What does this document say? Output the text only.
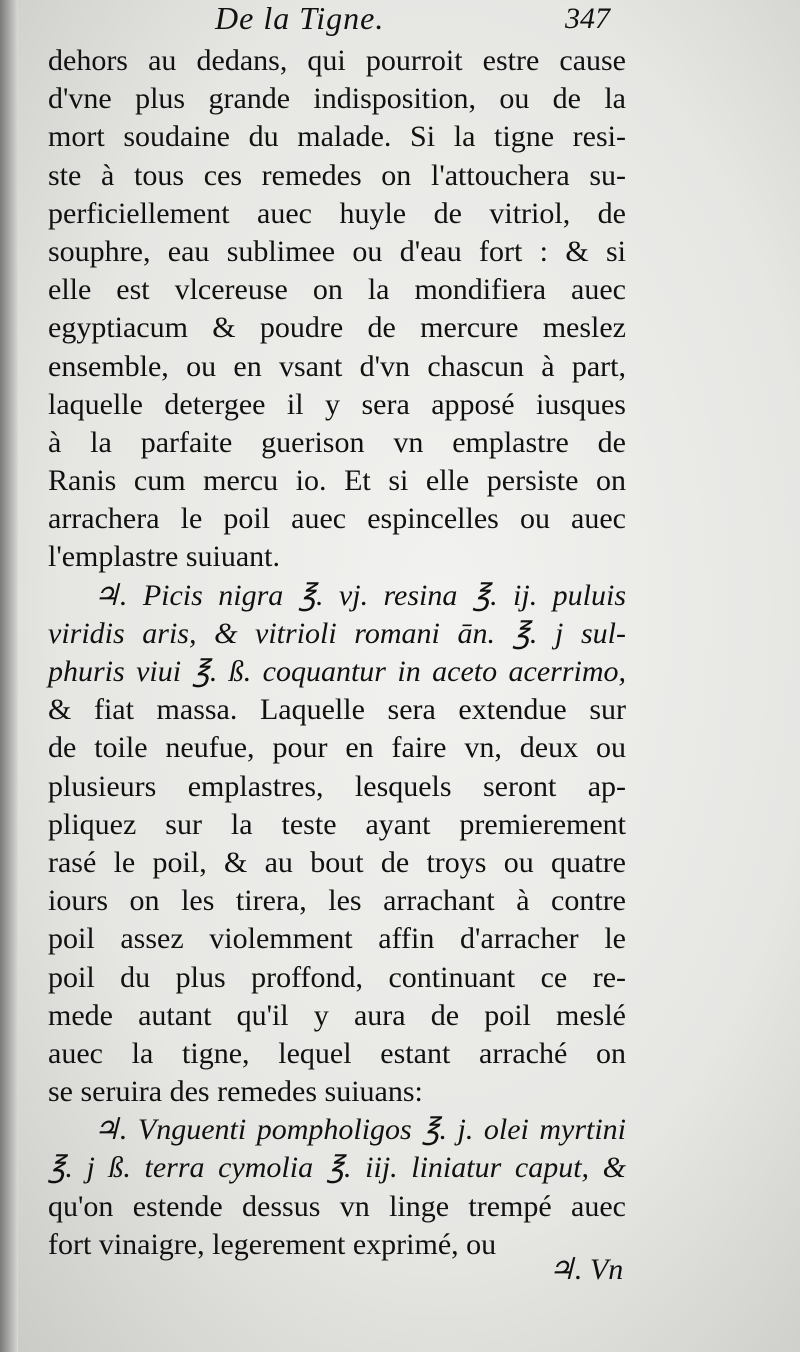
De la Tigne.	347
dehors au dedans, qui pourroit estre cause
d'vne plus grande indisposition, ou de la
mort soudaine du malade. Si la tigne resi-
ste à tous ces remedes on l'attouchera su-
perficiellement auec huyle de vitriol, de
souphre, eau sublimee ou d'eau fort : & si
elle est vlcereuse on la mondifiera auec
egyptiacum & poudre de mercure meslez
ensemble, ou en vsant d'vn chascun à part,
laquelle detergee il y sera apposé iusques
à la parfaite guerison vn emplastre de
Ranis cum mercu io. Et si elle persiste on
arrachera le poil auec espincelles ou auec
l'emplastre suiuant.
♃. Picis nigra ℥. vj. resina ℥. ij. puluis
viridis aris, & vitrioli romani ān. ℥. j sul-
phuris viui ℥. ß. coquantur in aceto acerrimo,
& fiat massa. Laquelle sera extendue sur
de toile neufue, pour en faire vn, deux ou
plusieurs emplastres, lesquels seront ap-
pliquez sur la teste ayant premierement
rasé le poil, & au bout de troys ou quatre
iours on les tirera, les arrachant à contre
poil assez violemment affin d'arracher le
poil du plus proffond, continuant ce re-
mede autant qu'il y aura de poil meslé
auec la tigne, lequel estant arraché on
se seruira des remedes suiuans:
♃. Vnguenti pompholigos ℥. j. olei myrtini
℥. j ß. terra cymolia ℥. iij. liniatur caput, &
qu'on estende dessus vn linge trempé auec
fort vinaigre, legerement exprimé, ou
♃. Vn
